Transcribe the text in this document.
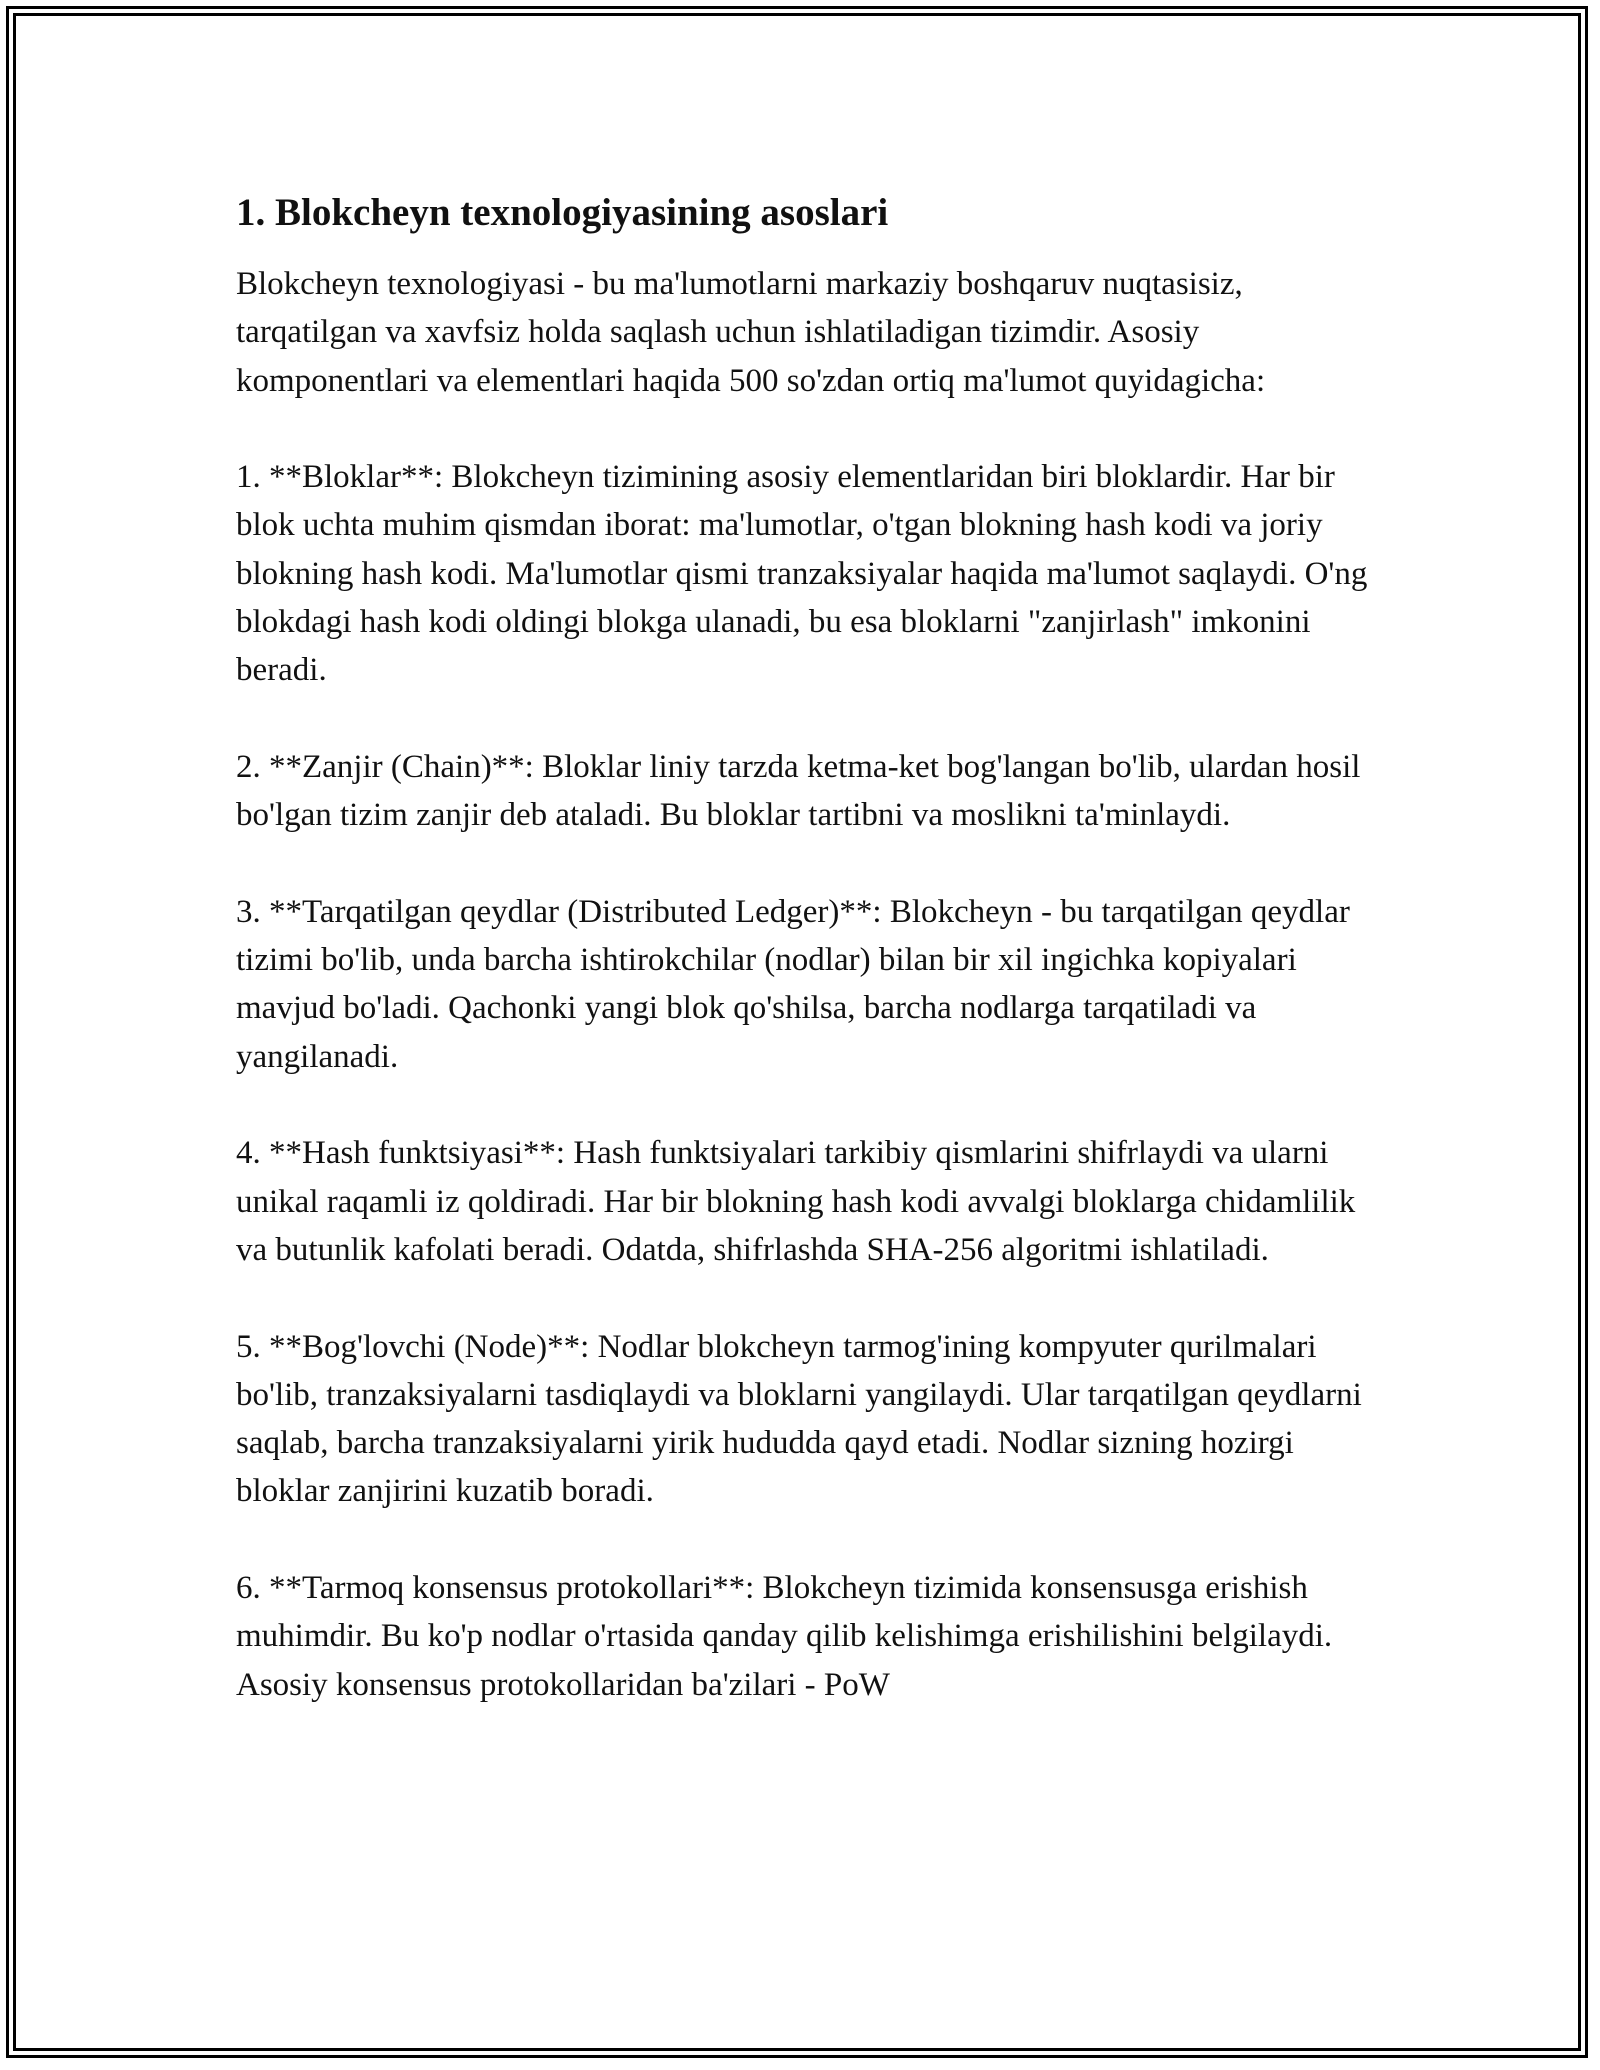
1. Blokcheyn texnologiyasining asoslari

Blokcheyn texnologiyasi - bu ma'lumotlarni markaziy boshqaruv nuqtasisiz, tarqatilgan va xavfsiz holda saqlash uchun ishlatiladigan tizimdir. Asosiy komponentlari va elementlari haqida 500 so'zdan ortiq ma'lumot quyidagicha:

1. **Bloklar**: Blokcheyn tizimining asosiy elementlaridan biri bloklardir. Har bir blok uchta muhim qismdan iborat: ma'lumotlar, o'tgan blokning hash kodi va joriy blokning hash kodi. Ma'lumotlar qismi tranzaksiyalar haqida ma'lumot saqlaydi. O'ng blokdagi hash kodi oldingi blokga ulanadi, bu esa bloklarni "zanjirlash" imkonini beradi.

2. **Zanjir (Chain)**: Bloklar liniy tarzda ketma-ket bog'langan bo'lib, ulardan hosil bo'lgan tizim zanjir deb ataladi. Bu bloklar tartibni va moslikni ta'minlaydi.

3. **Tarqatilgan qeydlar (Distributed Ledger)**: Blokcheyn - bu tarqatilgan qeydlar tizimi bo'lib, unda barcha ishtirokchilar (nodlar) bilan bir xil ingichka kopiyalari mavjud bo'ladi. Qachonki yangi blok qo'shilsa, barcha nodlarga tarqatiladi va yangilanadi.

4. **Hash funktsiyasi**: Hash funktsiyalari tarkibiy qismlarini shifrlaydi va ularni unikal raqamli iz qoldiradi. Har bir blokning hash kodi avvalgi bloklarga chidamlilik va butunlik kafolati beradi. Odatda, shifrlashda SHA-256 algoritmi ishlatiladi.

5. **Bog'lovchi (Node)**: Nodlar blokcheyn tarmog'ining kompyuter qurilmalari bo'lib, tranzaksiyalarni tasdiqlaydi va bloklarni yangilaydi. Ular tarqatilgan qeydlarni saqlab, barcha tranzaksiyalarni yirik hududda qayd etadi. Nodlar sizning hozirgi bloklar zanjirini kuzatib boradi.

6. **Tarmoq konsensus protokollari**: Blokcheyn tizimida konsensusga erishish muhimdir. Bu ko'p nodlar o'rtasida qanday qilib kelishimga erishilishini belgilaydi. Asosiy konsensus protokollaridan ba'zilari - PoW
